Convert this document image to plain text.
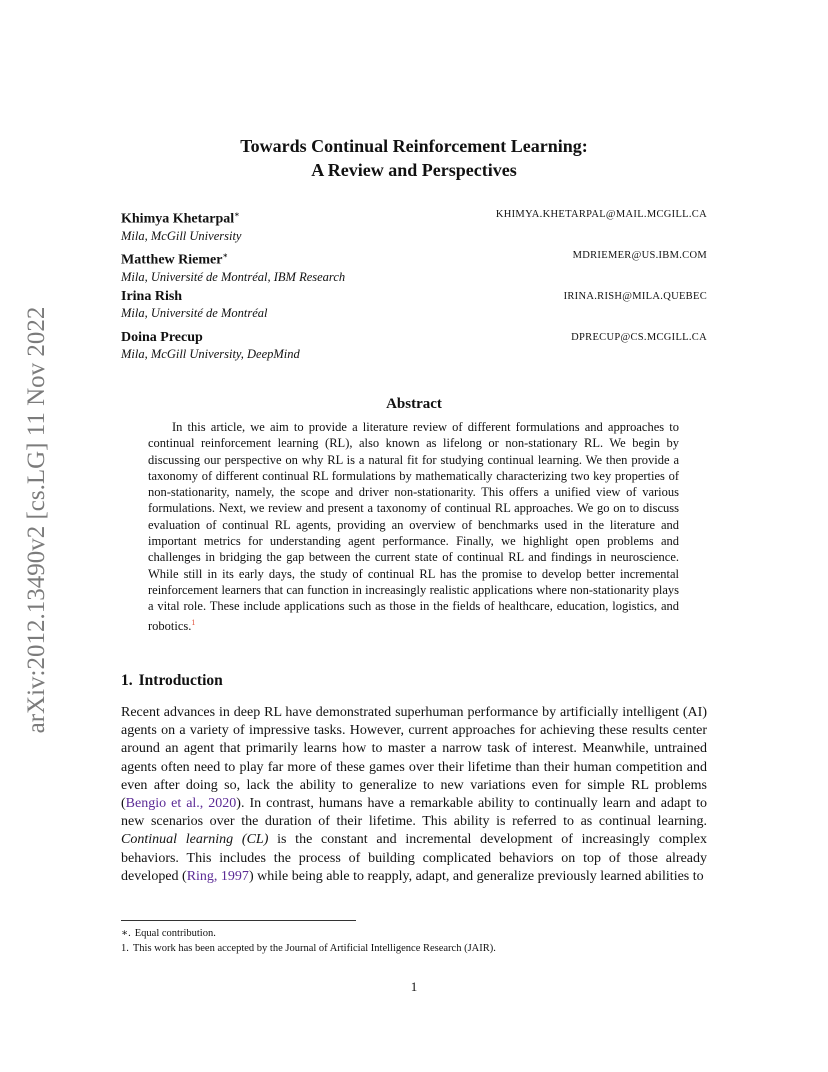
arXiv:2012.13490v2 [cs.LG] 11 Nov 2022
Towards Continual Reinforcement Learning:
A Review and Perspectives
Khimya Khetarpal∗	KHIMYA.KHETARPAL@MAIL.MCGILL.CA
Mila, McGill University
Matthew Riemer∗	MDRIEMER@US.IBM.COM
Mila, Université de Montréal, IBM Research
Irina Rish	IRINA.RISH@MILA.QUEBEC
Mila, Université de Montréal
Doina Precup	DPRECUP@CS.MCGILL.CA
Mila, McGill University, DeepMind
Abstract
In this article, we aim to provide a literature review of different formulations and approaches to continual reinforcement learning (RL), also known as lifelong or non-stationary RL. We begin by discussing our perspective on why RL is a natural fit for studying continual learning. We then provide a taxonomy of different continual RL formulations by mathematically characterizing two key properties of non-stationarity, namely, the scope and driver non-stationarity. This offers a unified view of various formulations. Next, we review and present a taxonomy of continual RL approaches. We go on to discuss evaluation of continual RL agents, providing an overview of benchmarks used in the literature and important metrics for understanding agent performance. Finally, we highlight open problems and challenges in bridging the gap between the current state of continual RL and findings in neuroscience. While still in its early days, the study of continual RL has the promise to develop better incremental reinforcement learners that can function in increasingly realistic applications where non-stationarity plays a vital role. These include applications such as those in the fields of healthcare, education, logistics, and robotics.$^1$
1. Introduction
Recent advances in deep RL have demonstrated superhuman performance by artificially intelligent (AI) agents on a variety of impressive tasks. However, current approaches for achieving these results center around an agent that primarily learns how to master a narrow task of interest. Meanwhile, untrained agents often need to play far more of these games over their lifetime than their human competition and even after doing so, lack the ability to generalize to new variations even for simple RL problems (Bengio et al., 2020). In contrast, humans have a remarkable ability to continually learn and adapt to new scenarios over the duration of their lifetime. This ability is referred to as continual learning. Continual learning (CL) is the constant and incremental development of increasingly complex behaviors. This includes the process of building complicated behaviors on top of those already developed (Ring, 1997) while being able to reapply, adapt, and generalize previously learned abilities to
∗. Equal contribution.
1. This work has been accepted by the Journal of Artificial Intelligence Research (JAIR).
1
